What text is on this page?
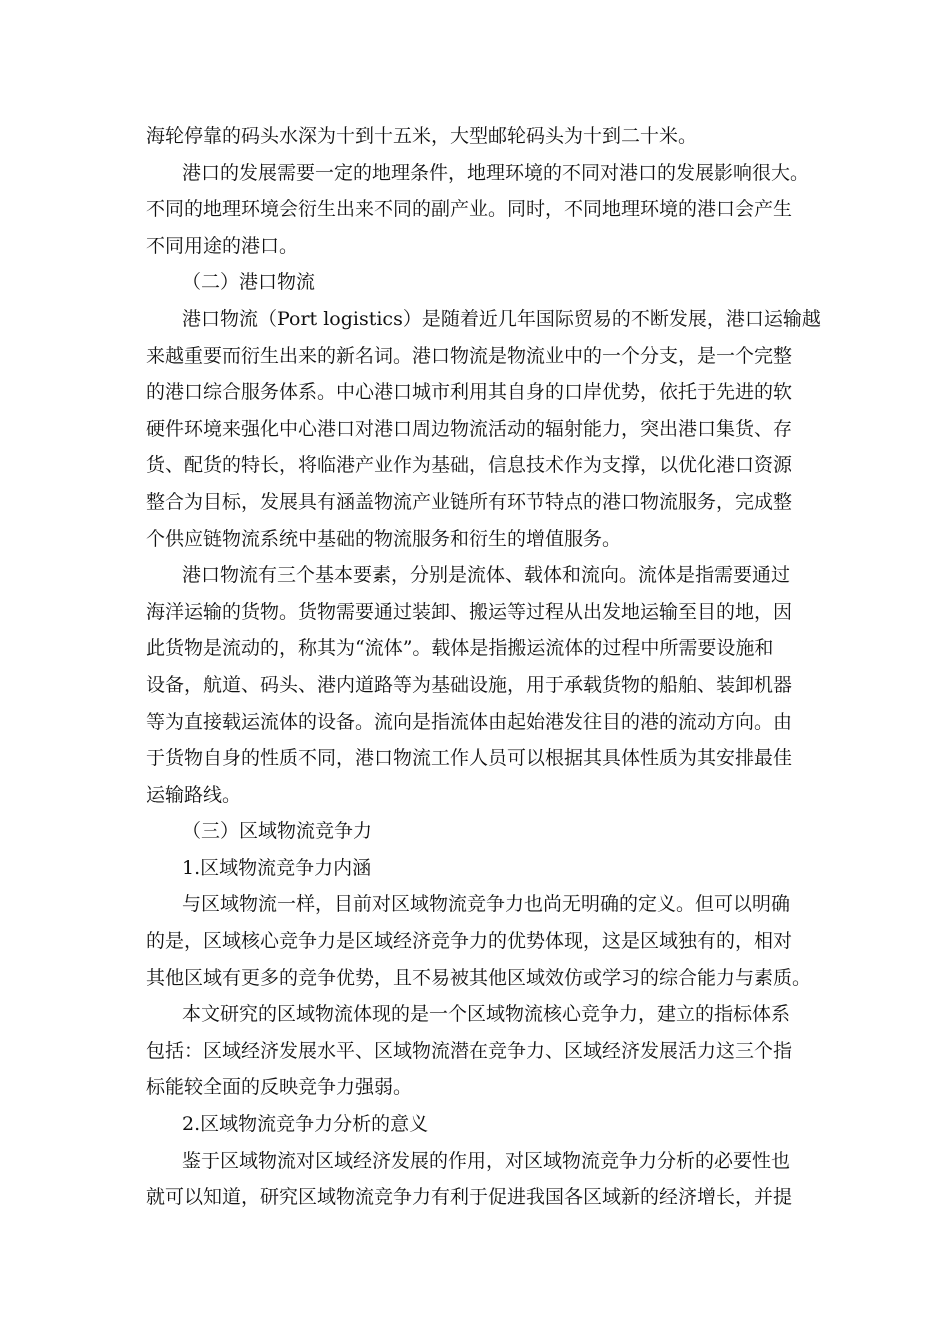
海轮停靠的码头水深为十到十五米，大型邮轮码头为十到二十米。
港口的发展需要一定的地理条件，地理环境的不同对港口的发展影响很大。
不同的地理环境会衍生出来不同的副产业。同时，不同地理环境的港口会产生
不同用途的港口。
（二）港口物流
港口物流（Port logistics）是随着近几年国际贸易的不断发展，港口运输越
来越重要而衍生出来的新名词。港口物流是物流业中的一个分支，是一个完整
的港口综合服务体系。中心港口城市利用其自身的口岸优势，依托于先进的软
硬件环境来强化中心港口对港口周边物流活动的辐射能力，突出港口集货、存
货、配货的特长，将临港产业作为基础，信息技术作为支撑，以优化港口资源
整合为目标，发展具有涵盖物流产业链所有环节特点的港口物流服务，完成整
个供应链物流系统中基础的物流服务和衍生的增值服务。
港口物流有三个基本要素，分别是流体、载体和流向。流体是指需要通过
海洋运输的货物。货物需要通过装卸、搬运等过程从出发地运输至目的地，因
此货物是流动的，称其为“流体”。载体是指搬运流体的过程中所需要设施和
设备，航道、码头、港内道路等为基础设施，用于承载货物的船舶、装卸机器
等为直接载运流体的设备。流向是指流体由起始港发往目的港的流动方向。由
于货物自身的性质不同，港口物流工作人员可以根据其具体性质为其安排最佳
运输路线。
（三）区域物流竞争力
1.区域物流竞争力内涵
与区域物流一样，目前对区域物流竞争力也尚无明确的定义。但可以明确
的是，区域核心竞争力是区域经济竞争力的优势体现，这是区域独有的，相对
其他区域有更多的竞争优势，且不易被其他区域效仿或学习的综合能力与素质。
本文研究的区域物流体现的是一个区域物流核心竞争力，建立的指标体系
包括：区域经济发展水平、区域物流潜在竞争力、区域经济发展活力这三个指
标能较全面的反映竞争力强弱。
2.区域物流竞争力分析的意义
鉴于区域物流对区域经济发展的作用，对区域物流竞争力分析的必要性也
就可以知道，研究区域物流竞争力有利于促进我国各区域新的经济增长，并提
